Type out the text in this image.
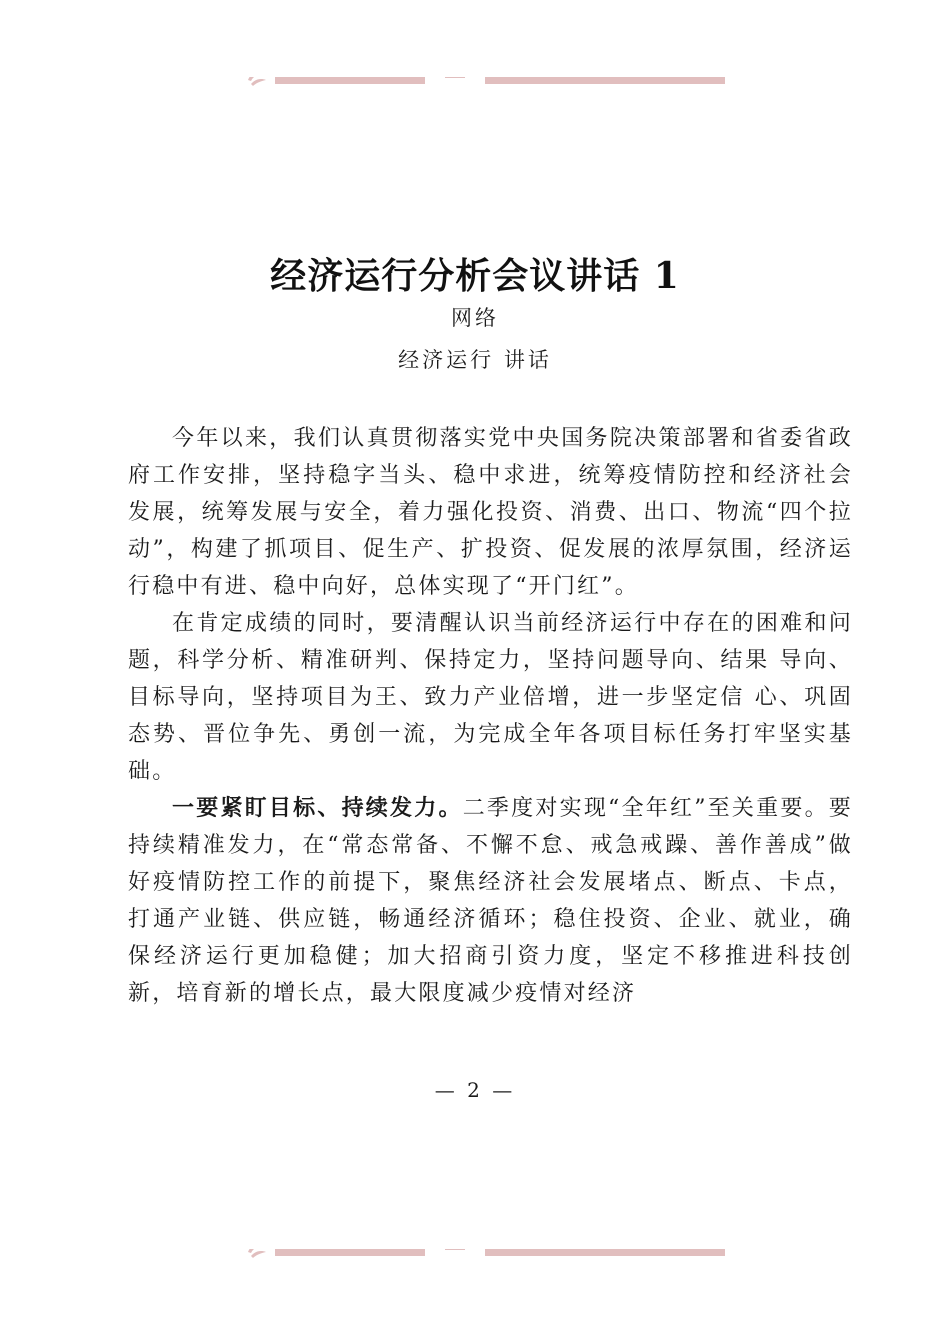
经济运行分析会议讲话 1
网络
经济运行 讲话

今年以来，我们认真贯彻落实党中央国务院决策部署和省委省政府工作安排，坚持稳字当头、稳中求进，统筹疫情防控和经济社会发展，统筹发展与安全，着力强化投资、消费、出口、物流“四个拉动”，构建了抓项目、促生产、扩投资、促发展的浓厚氛围，经济运行稳中有进、稳中向好，总体实现了“开门红”。

在肯定成绩的同时，要清醒认识当前经济运行中存在的困难和问题，科学分析、精准研判、保持定力，坚持问题导向、结果 导向、目标导向，坚持项目为王、致力产业倍增，进一步坚定信 心、巩固态势、晋位争先、勇创一流，为完成全年各项目标任务打牢坚实基础。

一要紧盯目标、持续发力。二季度对实现“全年红”至关重要。要持续精准发力，在“常态常备、不懈不怠、戒急戒躁、善作善成”做好疫情防控工作的前提下，聚焦经济社会发展堵点、断点、卡点，打通产业链、供应链，畅通经济循环；稳住投资、企业、就业，确保经济运行更加稳健；加大招商引资力度，坚定不移推进科技创新，培育新的增长点，最大限度减少疫情对经济

— 2 —
